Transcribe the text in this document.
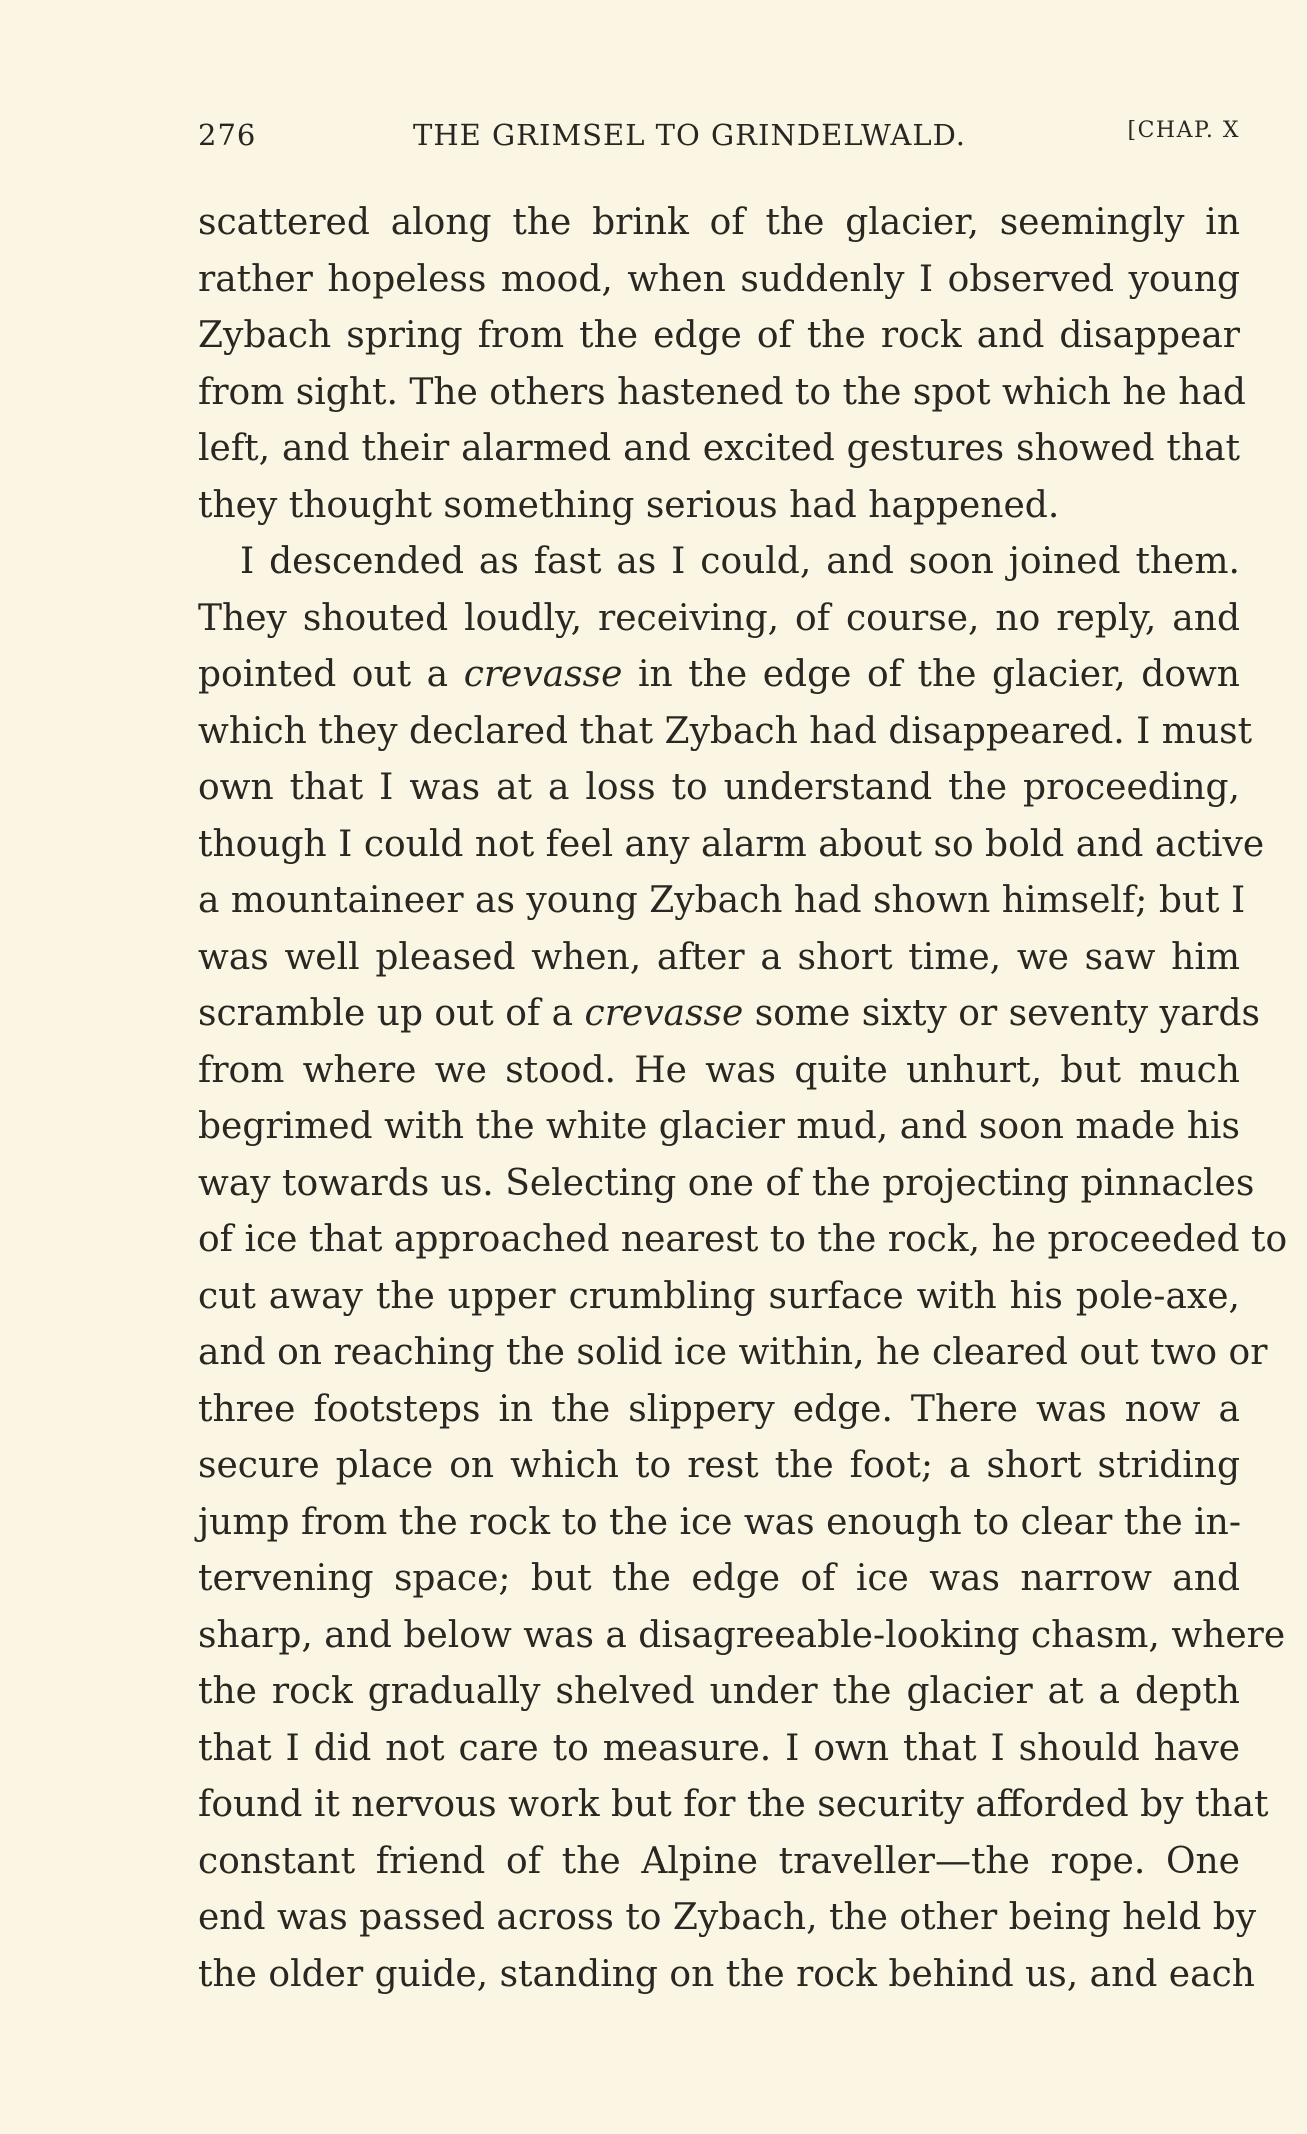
276	THE GRIMSEL TO GRINDELWALD.	[CHAP. X
scattered along the brink of the glacier, seemingly in
rather hopeless mood, when suddenly I observed young
Zybach spring from the edge of the rock and disappear
from sight. The others hastened to the spot which he had
left, and their alarmed and excited gestures showed that
they thought something serious had happened.
I descended as fast as I could, and soon joined them.
They shouted loudly, receiving, of course, no reply, and
pointed out a crevasse in the edge of the glacier, down
which they declared that Zybach had disappeared. I must
own that I was at a loss to understand the proceeding,
though I could not feel any alarm about so bold and active
a mountaineer as young Zybach had shown himself; but I
was well pleased when, after a short time, we saw him
scramble up out of a crevasse some sixty or seventy yards
from where we stood. He was quite unhurt, but much
begrimed with the white glacier mud, and soon made his
way towards us. Selecting one of the projecting pinnacles
of ice that approached nearest to the rock, he proceeded to
cut away the upper crumbling surface with his pole-axe,
and on reaching the solid ice within, he cleared out two or
three footsteps in the slippery edge. There was now a
secure place on which to rest the foot; a short striding
jump from the rock to the ice was enough to clear the in-
tervening space; but the edge of ice was narrow and
sharp, and below was a disagreeable-looking chasm, where
the rock gradually shelved under the glacier at a depth
that I did not care to measure. I own that I should have
found it nervous work but for the security afforded by that
constant friend of the Alpine traveller—the rope. One
end was passed across to Zybach, the other being held by
the older guide, standing on the rock behind us, and each
